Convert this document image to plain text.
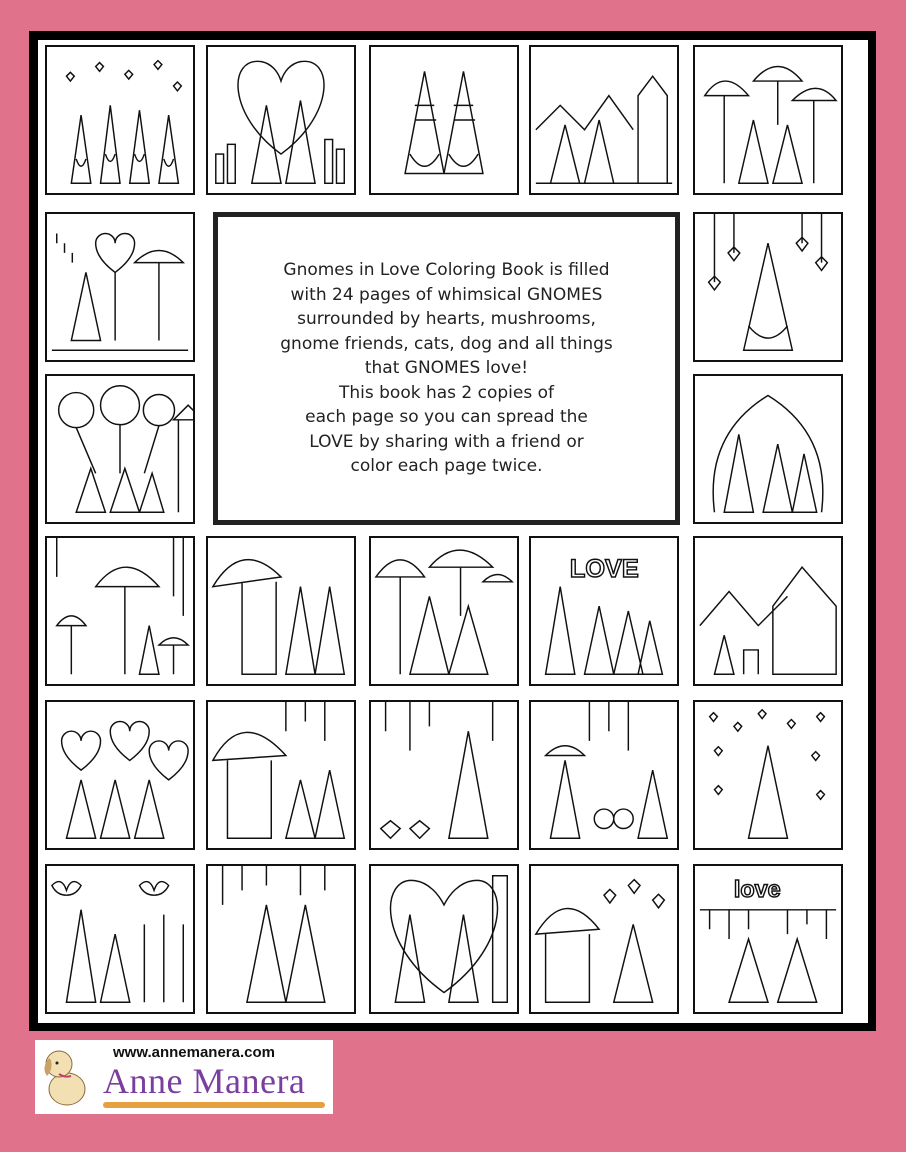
Gnomes in Love Coloring Book is filled
with 24 pages of whimsical GNOMES
surrounded by hearts, mushrooms,
gnome friends, cats, dog and all things
that GNOMES love!
This book has 2 copies of
each page so you can spread the
LOVE by sharing with a friend or
color each page twice.
LOVE
love
www.annemanera.com
Anne Manera
